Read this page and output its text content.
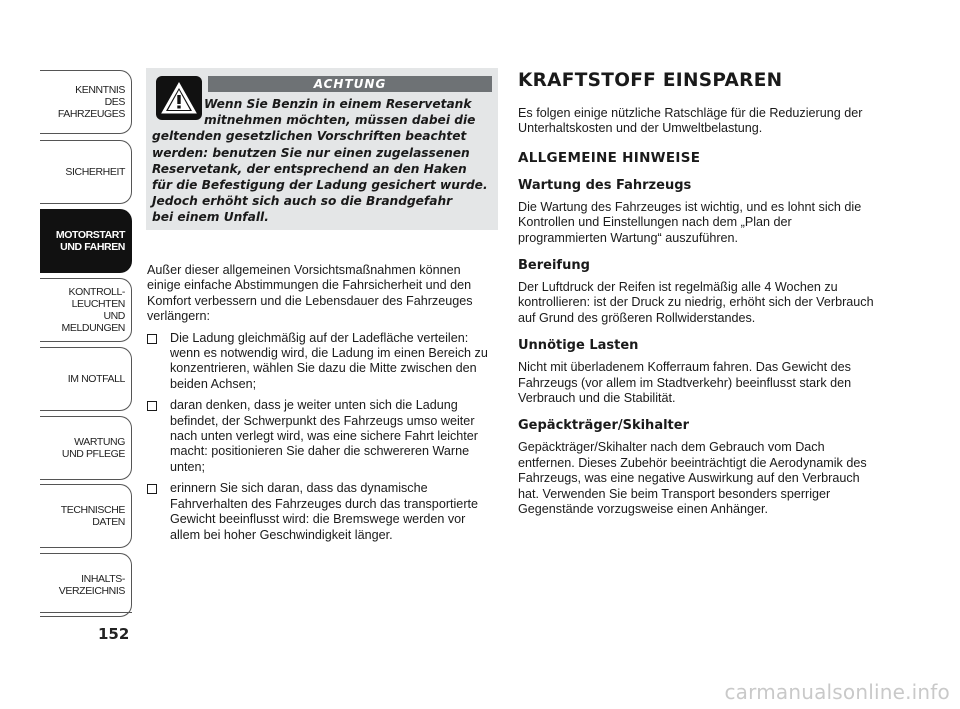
KENNTNIS
DES FAHRZEUGES
SICHERHEIT
MOTORSTART
UND FAHREN
KONTROLL-
LEUCHTEN
UND MELDUNGEN
IM NOTFALL
WARTUNG
UND PFLEGE
TECHNISCHE
DATEN
INHALTS-
VERZEICHNIS
152
ACHTUNG
Wenn Sie Benzin in einem Reservetank
mitnehmen möchten, müssen dabei die
geltenden gesetzlichen Vorschriften beachtet
werden: benutzen Sie nur einen zugelassenen
Reservetank, der entsprechend an den Haken
für die Befestigung der Ladung gesichert wurde.
Jedoch erhöht sich auch so die Brandgefahr
bei einem Unfall.

Außer dieser allgemeinen Vorsichtsmaßnahmen können einige einfache Abstimmungen die Fahrsicherheit und den Komfort verbessern und die Lebensdauer des Fahrzeuges verlängern:

Die Ladung gleichmäßig auf der Ladefläche verteilen: wenn es notwendig wird, die Ladung im einen Bereich zu konzentrieren, wählen Sie dazu die Mitte zwischen den beiden Achsen;
daran denken, dass je weiter unten sich die Ladung befindet, der Schwerpunkt des Fahrzeugs umso weiter nach unten verlegt wird, was eine sichere Fahrt leichter macht: positionieren Sie daher die schwereren Warne unten;
erinnern Sie sich daran, dass das dynamische Fahrverhalten des Fahrzeuges durch das transportierte Gewicht beeinflusst wird: die Bremswege werden vor allem bei hoher Geschwindigkeit länger.
KRAFTSTOFF EINSPAREN

Es folgen einige nützliche Ratschläge für die Reduzierung der Unterhaltskosten und der Umweltbelastung.

ALLGEMEINE HINWEISE
Wartung des Fahrzeugs

Die Wartung des Fahrzeuges ist wichtig, und es lohnt sich die Kontrollen und Einstellungen nach dem „Plan der programmierten Wartung“ auszuführen.

Bereifung

Der Luftdruck der Reifen ist regelmäßig alle 4 Wochen zu kontrollieren: ist der Druck zu niedrig, erhöht sich der Verbrauch auf Grund des größeren Rollwiderstandes.

Unnötige Lasten

Nicht mit überladenem Kofferraum fahren. Das Gewicht des Fahrzeugs (vor allem im Stadtverkehr) beeinflusst stark den Verbrauch und die Stabilität.

Gepäckträger/Skihalter

Gepäckträger/Skihalter nach dem Gebrauch vom Dach entfernen. Dieses Zubehör beeinträchtigt die Aerodynamik des Fahrzeugs, was eine negative Auswirkung auf den Verbrauch hat. Verwenden Sie beim Transport besonders sperriger Gegenstände vorzugsweise einen Anhänger.

carmanualsonline.info
